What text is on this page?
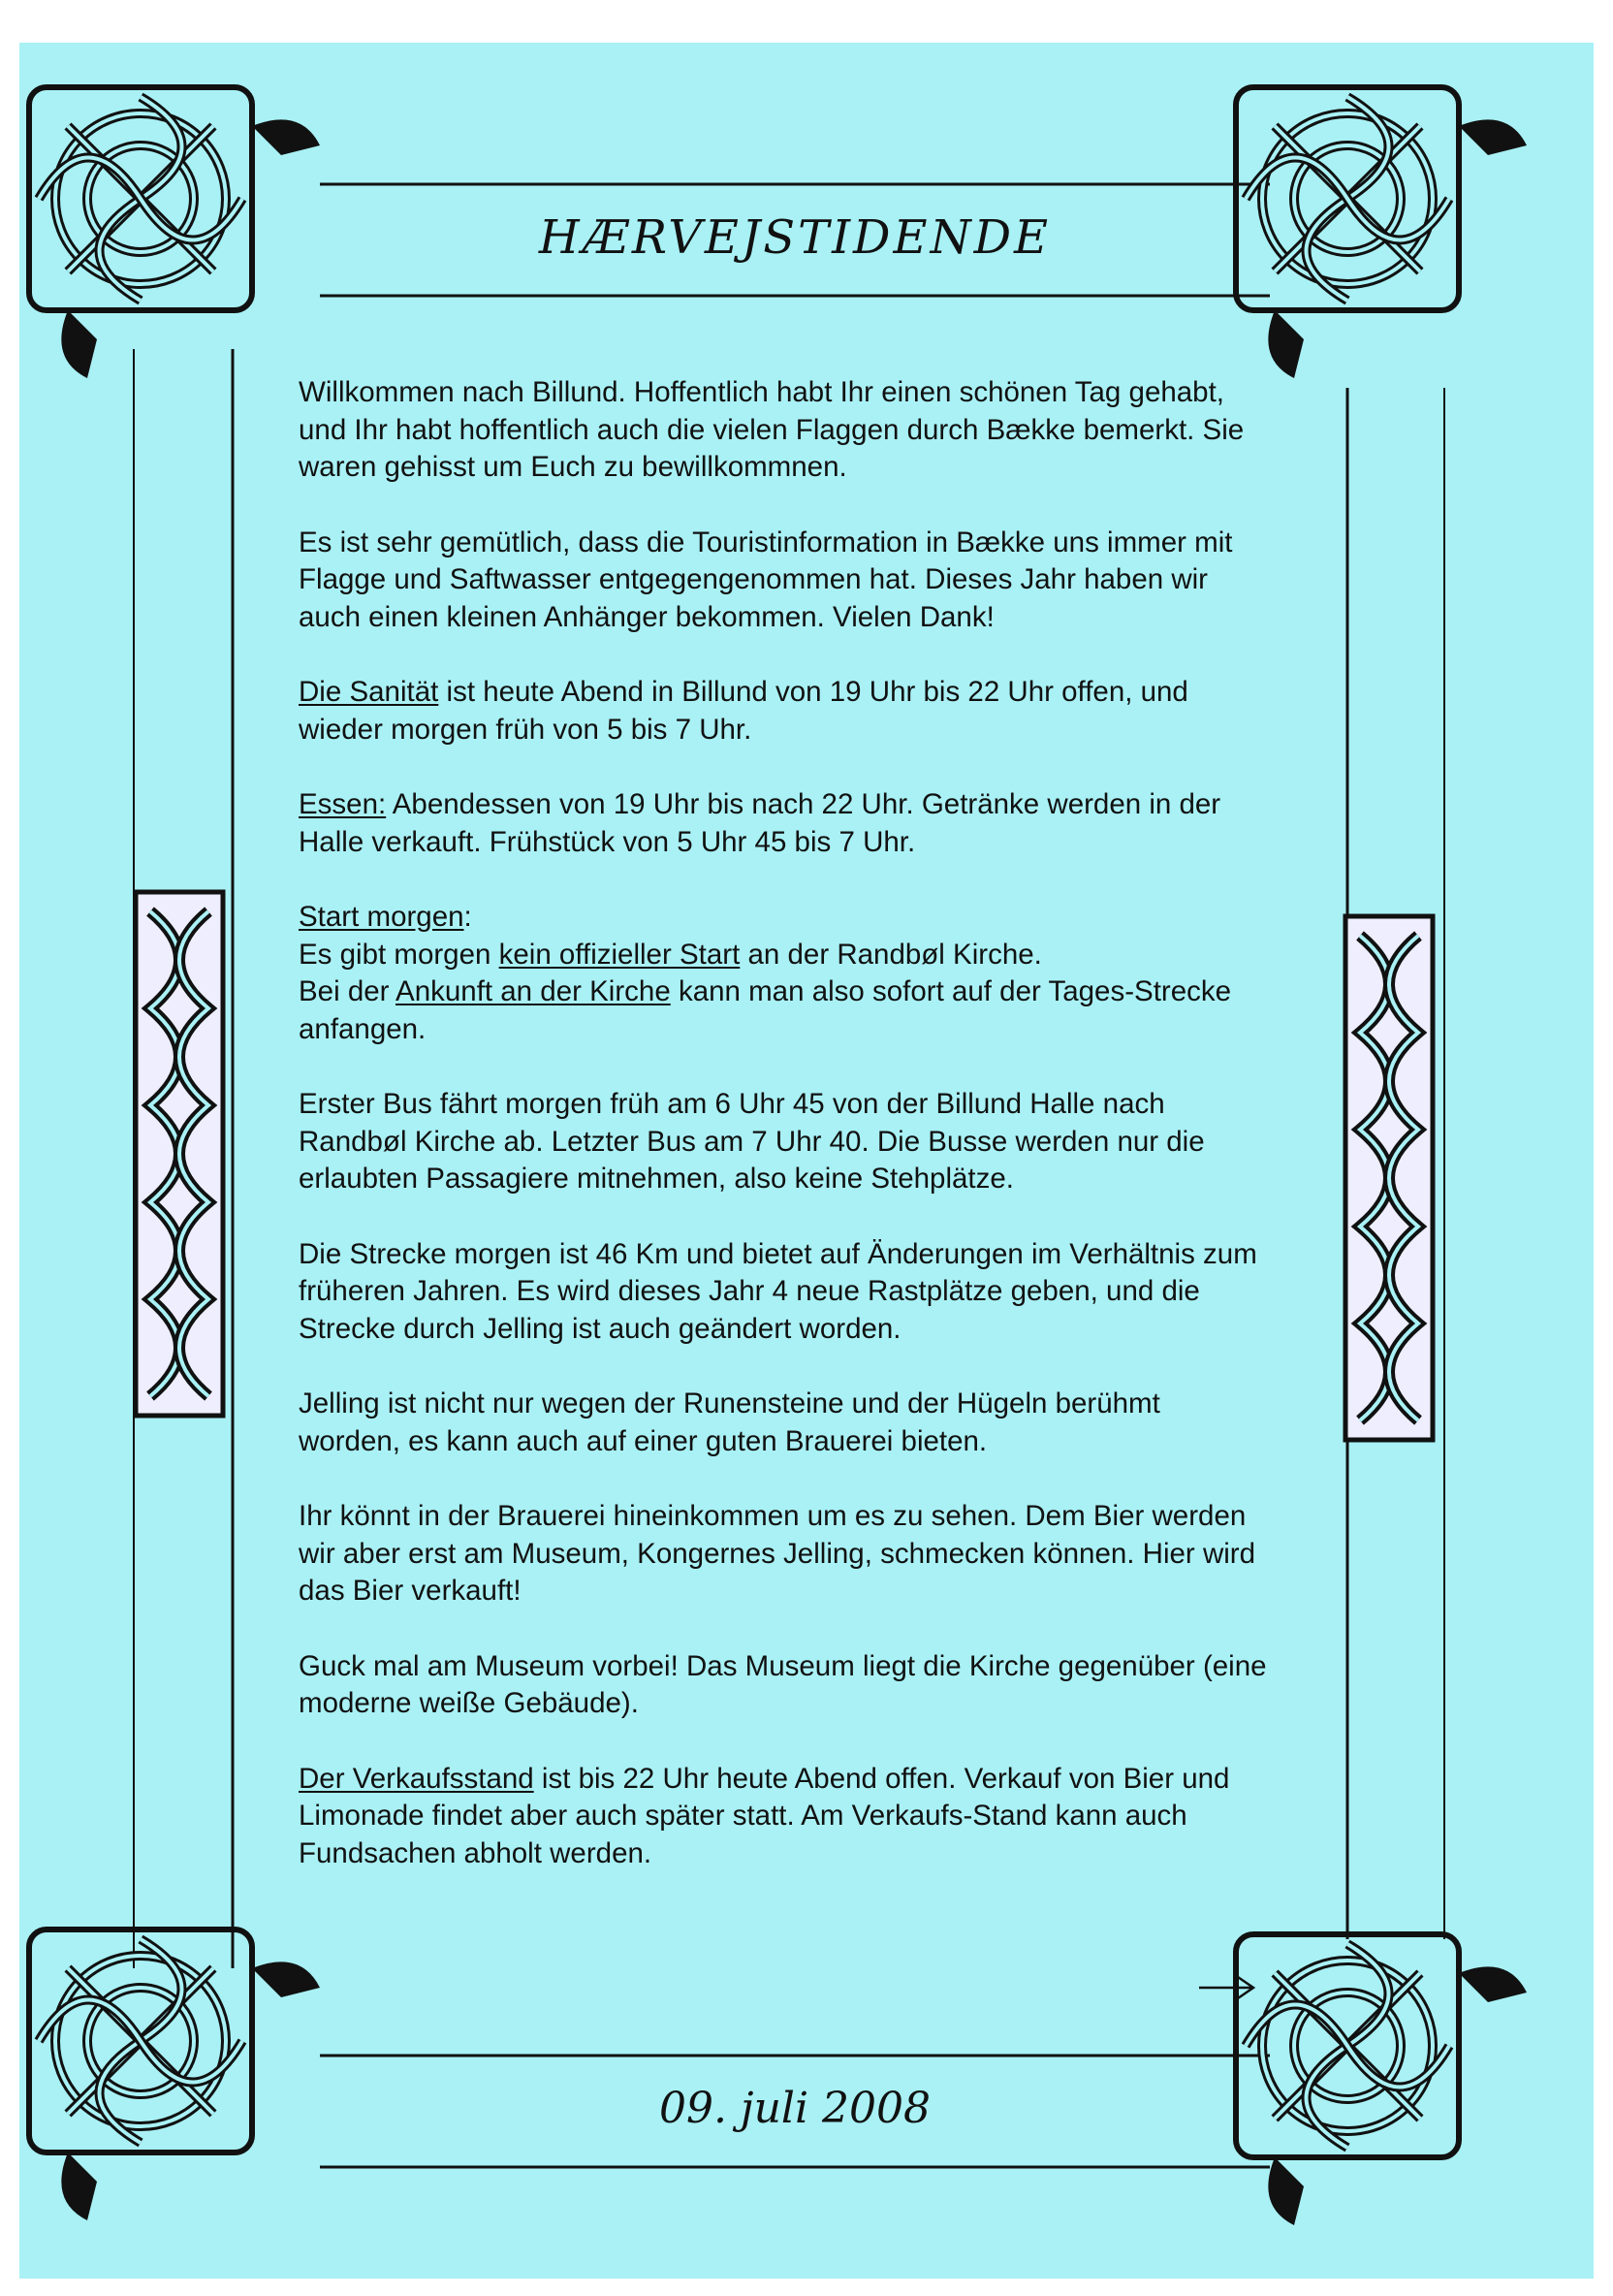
HÆRVEJSTIDENDE

Willkommen nach Billund. Hoffentlich habt Ihr einen schönen Tag gehabt, und Ihr habt hoffentlich auch die vielen Flaggen durch Bække bemerkt. Sie waren gehisst um Euch zu bewillkommnen.

Es ist sehr gemütlich, dass die Touristinformation in Bække uns immer mit Flagge und Saftwasser entgegengenommen hat. Dieses Jahr haben wir auch einen kleinen Anhänger bekommen. Vielen Dank!

Die Sanität ist heute Abend in Billund von 19 Uhr bis 22 Uhr offen, und wieder morgen früh von 5 bis 7 Uhr.

Essen: Abendessen von 19 Uhr bis nach 22 Uhr. Getränke werden in der Halle verkauft. Frühstück von 5 Uhr 45 bis 7 Uhr.

Start morgen:
Es gibt morgen kein offizieller Start an der Randbøl Kirche.
Bei der Ankunft an der Kirche kann man also sofort auf der Tages-Strecke anfangen.

Erster Bus fährt morgen früh am 6 Uhr 45 von der Billund Halle nach Randbøl Kirche ab. Letzter Bus am 7 Uhr 40. Die Busse werden nur die erlaubten Passagiere mitnehmen, also keine Stehplätze.

Die Strecke morgen ist 46 Km und bietet auf Änderungen im Verhältnis zum früheren Jahren. Es wird dieses Jahr 4 neue Rastplätze geben, und die Strecke durch Jelling ist auch geändert worden.

Jelling ist nicht nur wegen der Runensteine und der Hügeln berühmt worden, es kann auch auf einer guten Brauerei bieten.

Ihr könnt in der Brauerei hineinkommen um es zu sehen. Dem Bier werden wir aber erst am Museum, Kongernes Jelling, schmecken können. Hier wird das Bier verkauft!

Guck mal am Museum vorbei! Das Museum liegt die Kirche gegenüber (eine moderne weiße Gebäude).

Der Verkaufsstand ist bis 22 Uhr heute Abend offen. Verkauf von Bier und Limonade findet aber auch später statt. Am Verkaufs-Stand kann auch Fundsachen abholt werden.

09. juli 2008
